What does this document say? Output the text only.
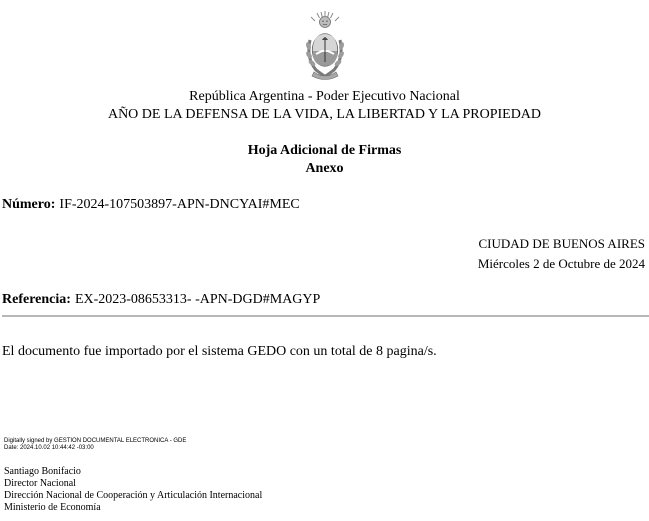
República Argentina - Poder Ejecutivo Nacional
AÑO DE LA DEFENSA DE LA VIDA, LA LIBERTAD Y LA PROPIEDAD
Hoja Adicional de Firmas
Anexo
Número: IF-2024-107503897-APN-DNCYAI#MEC
CIUDAD DE BUENOS AIRES
Miércoles 2 de Octubre de 2024
Referencia: EX-2023-08653313- -APN-DGD#MAGYP
El documento fue importado por el sistema GEDO con un total de 8 pagina/s.
Digitally signed by GESTION DOCUMENTAL ELECTRONICA - GDE
Date: 2024.10.02 10:44:42 -03:00
Santiago Bonifacio
Director Nacional
Dirección Nacional de Cooperación y Articulación Internacional
Ministerio de Economía
